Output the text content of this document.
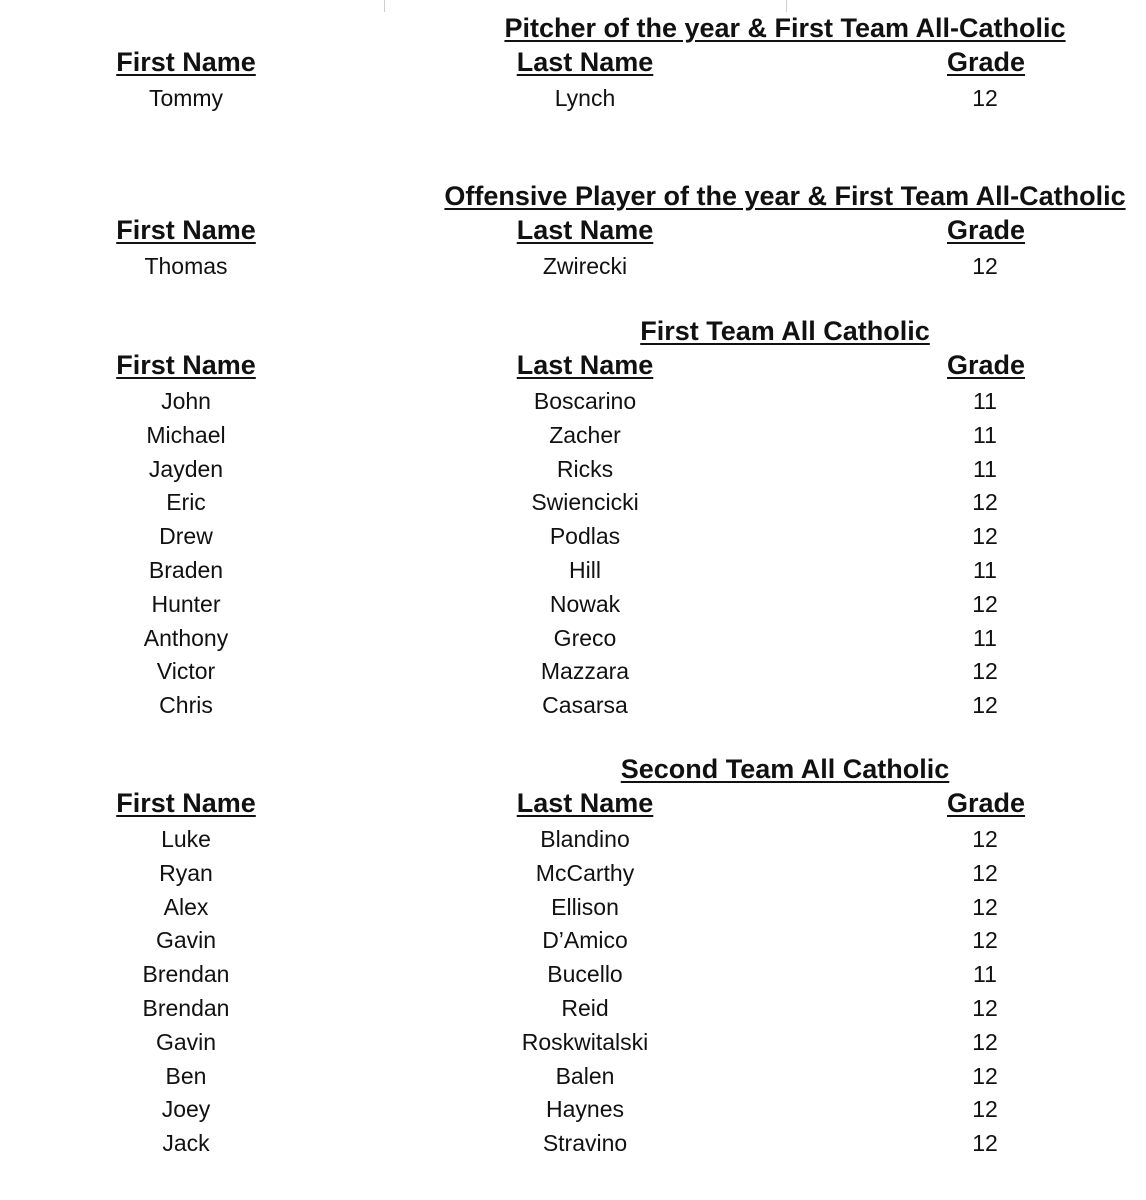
Pitcher of the year & First Team All-Catholic
First Name	Last Name	Grade
Tommy	Lynch	12
Offensive Player of the year & First Team All-Catholic
First Name	Last Name	Grade
Thomas	Zwirecki	12
First Team All Catholic
First Name	Last Name	Grade
John	Boscarino	11
Michael	Zacher	11
Jayden	Ricks	11
Eric	Swiencicki	12
Drew	Podlas	12
Braden	Hill	11
Hunter	Nowak	12
Anthony	Greco	11
Victor	Mazzara	12
Chris	Casarsa	12
Second Team All Catholic
First Name	Last Name	Grade
Luke	Blandino	12
Ryan	McCarthy	12
Alex	Ellison	12
Gavin	D’Amico	12
Brendan	Bucello	11
Brendan	Reid	12
Gavin	Roskwitalski	12
Ben	Balen	12
Joey	Haynes	12
Jack	Stravino	12
